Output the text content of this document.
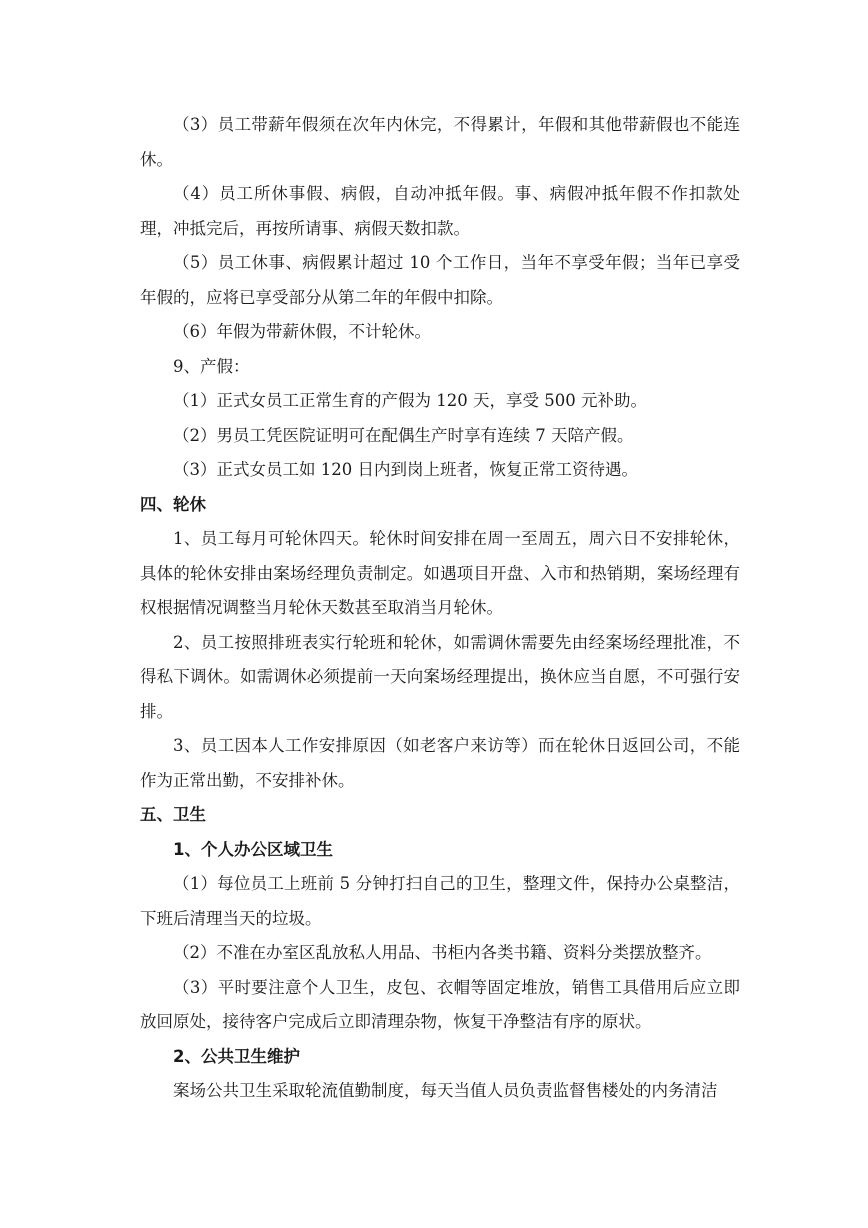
（3）员工带薪年假须在次年内休完，不得累计，年假和其他带薪假也不能连休。

（4）员工所休事假、病假，自动冲抵年假。事、病假冲抵年假不作扣款处理，冲抵完后，再按所请事、病假天数扣款。

（5）员工休事、病假累计超过 10 个工作日，当年不享受年假；当年已享受年假的，应将已享受部分从第二年的年假中扣除。

（6）年假为带薪休假，不计轮休。

9、产假：

（1）正式女员工正常生育的产假为 120 天，享受 500 元补助。

（2）男员工凭医院证明可在配偶生产时享有连续 7 天陪产假。

（3）正式女员工如 120 日内到岗上班者，恢复正常工资待遇。

四、轮休

1、员工每月可轮休四天。轮休时间安排在周一至周五，周六日不安排轮休，具体的轮休安排由案场经理负责制定。如遇项目开盘、入市和热销期，案场经理有权根据情况调整当月轮休天数甚至取消当月轮休。

2、员工按照排班表实行轮班和轮休，如需调休需要先由经案场经理批准，不得私下调休。如需调休必须提前一天向案场经理提出，换休应当自愿，不可强行安排。

3、员工因本人工作安排原因（如老客户来访等）而在轮休日返回公司，不能作为正常出勤，不安排补休。

五、卫生

1、个人办公区域卫生

（1）每位员工上班前 5 分钟打扫自己的卫生，整理文件，保持办公桌整洁，下班后清理当天的垃圾。

（2）不准在办室区乱放私人用品、书柜内各类书籍、资料分类摆放整齐。

（3）平时要注意个人卫生，皮包、衣帽等固定堆放，销售工具借用后应立即放回原处，接待客户完成后立即清理杂物，恢复干净整洁有序的原状。

2、公共卫生维护

案场公共卫生采取轮流值勤制度，每天当值人员负责监督售楼处的内务清洁
